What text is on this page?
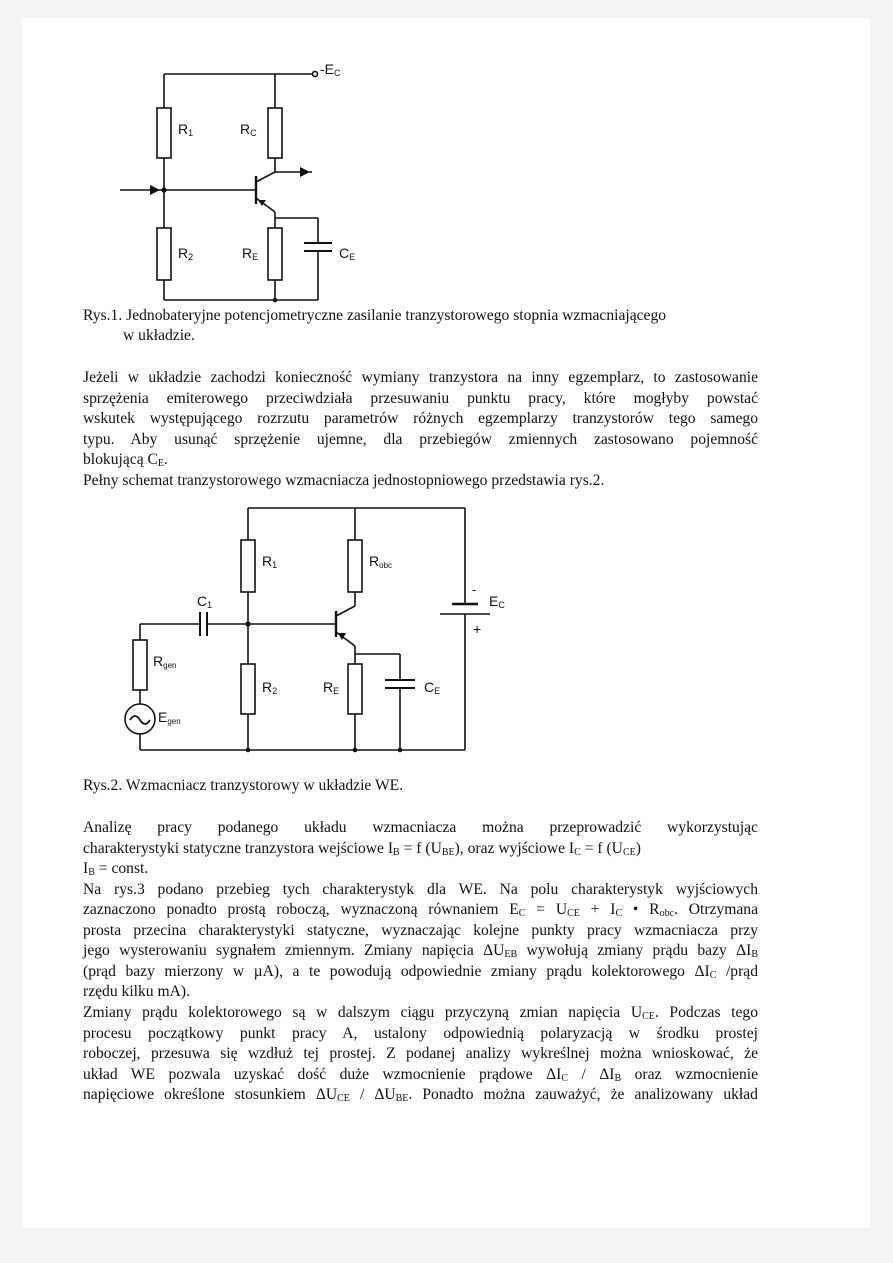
-EC
R1	RC
R2	RE	CE
Rys.1. Jednobateryjne potencjometryczne zasilanie tranzystorowego stopnia wzmacniającego
w układzie.
Jeżeli w układzie zachodzi konieczność wymiany tranzystora na inny egzemplarz, to zastosowanie
sprzężenia emiterowego przeciwdziała przesuwaniu punktu pracy, które mogłyby powstać
wskutek występującego rozrzutu parametrów różnych egzemplarzy tranzystorów tego samego
typu. Aby usunąć sprzężenie ujemne, dla przebiegów zmiennych zastosowano pojemność
blokującą $C_E$.
Pełny schemat tranzystorowego wzmacniacza jednostopniowego przedstawia rys.2.
R1	Robc
C1
-
EC
+
Rgen
Egen
R2	RE	CE
Rys.2. Wzmacniacz tranzystorowy w układzie WE.
Analizę pracy podanego układu wzmacniacza można przeprowadzić wykorzystując
charakterystyki statyczne tranzystora wejściowe $I_B = f$ $(U_{BE})$, oraz wyjściowe $I_C = f$ $(U_{CE})$
$I_B$ = const.
Na rys.3 podano przebieg tych charakterystyk dla WE. Na polu charakterystyk wyjściowych
zaznaczono ponadto prostą roboczą, wyznaczoną równaniem $E_C = U_{CE} + I_C$ • $R_{obc}$. Otrzymana
prosta przecina charakterystyki statyczne, wyznaczając kolejne punkty pracy wzmacniacza przy
jego wysterowaniu sygnałem zmiennym. Zmiany napięcia $\Delta U_{EB}$ wywołują zmiany prądu bazy $\Delta I_B$
(prąd bazy mierzony w µA), a te powodują odpowiednie zmiany prądu kolektorowego $\Delta I_C$ /prąd
rzędu kilku mA).
Zmiany prądu kolektorowego są w dalszym ciągu przyczyną zmian napięcia $U_{CE}$. Podczas tego
procesu początkowy punkt pracy A, ustalony odpowiednią polaryzacją w środku prostej
roboczej, przesuwa się wzdłuż tej prostej. Z podanej analizy wykreślnej można wnioskować, że
układ WE pozwala uzyskać dość duże wzmocnienie prądowe $\Delta I_C / \Delta I_B$ oraz wzmocnienie
napięciowe określone stosunkiem $\Delta U_{CE} / \Delta U_{BE}$. Ponadto można zauważyć, że analizowany układ
